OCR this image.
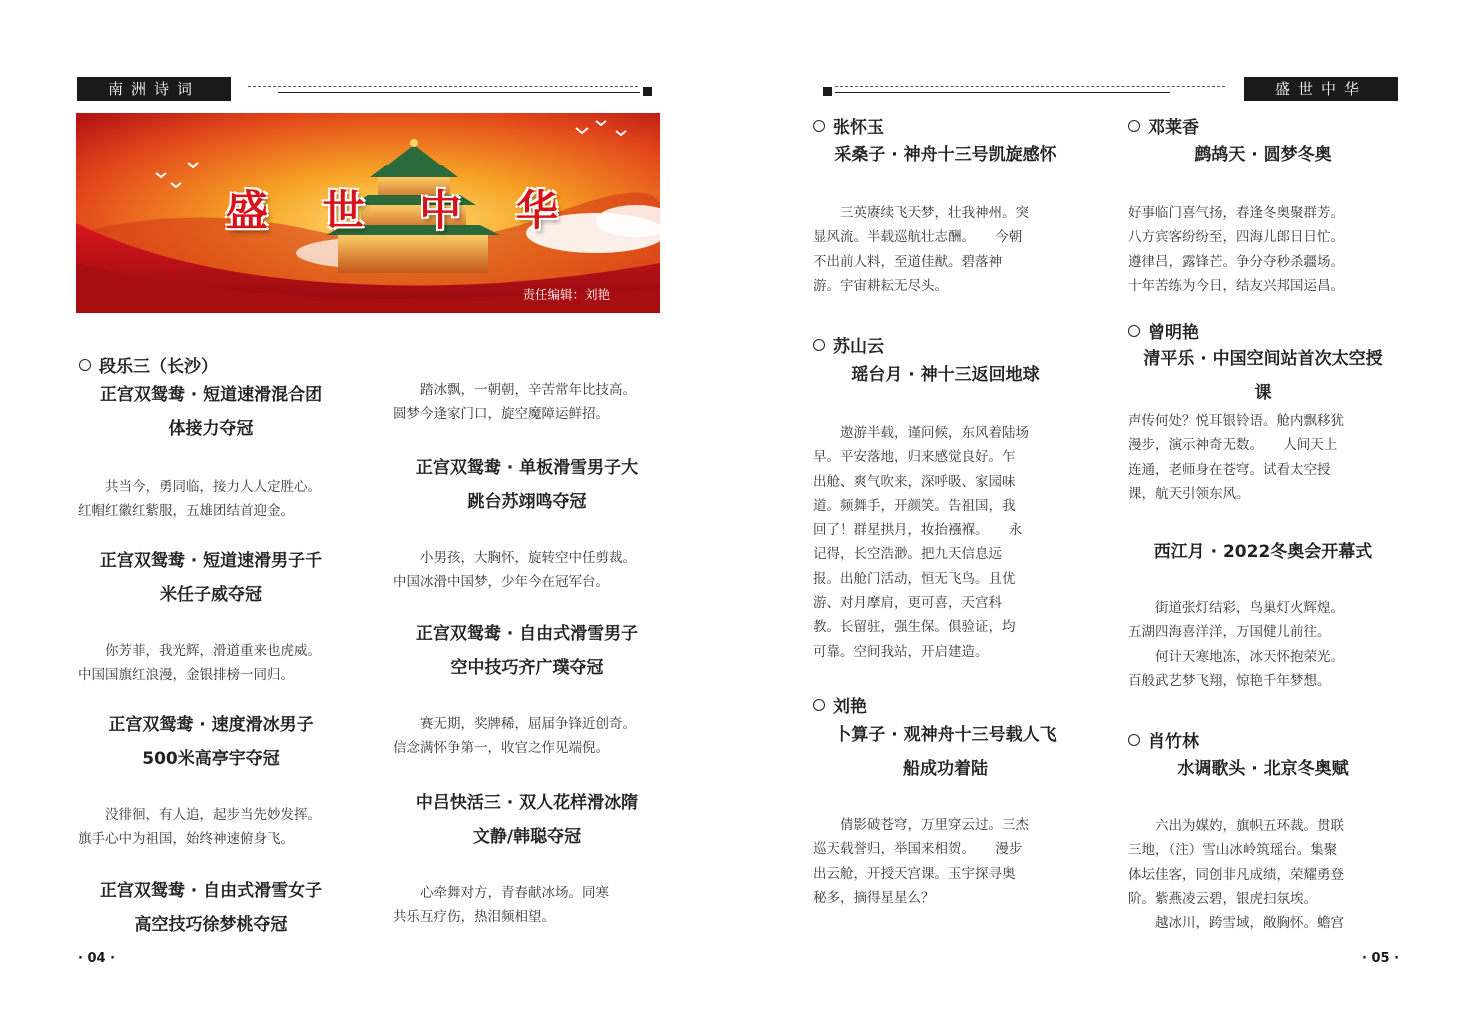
南洲诗词
盛 世 中 华
责任编辑：刘艳
段乐三（长沙）
正宫双鸳鸯 · 短道速滑混合团
体接力夺冠
　　共当今，勇同临，接力人人定胜心。
红帽红徽红紫服，五雄团结首迎金。
正宫双鸳鸯 · 短道速滑男子千
米任子威夺冠
　　你芳菲，我光辉，滑道重来也虎威。
中国国旗红浪漫，金银排榜一同归。
正宫双鸳鸯 · 速度滑冰男子
500米高亭宇夺冠
　　没徘徊，有人追，起步当先妙发挥。
旗手心中为祖国，始终神速俯身飞。
正宫双鸳鸯 · 自由式滑雪女子
高空技巧徐梦桃夺冠
　　踏冰飘，一朝朝，辛苦常年比技高。
圆梦今逢家门口，旋空魔障运鲜招。
正宫双鸳鸯 · 单板滑雪男子大
跳台苏翊鸣夺冠
　　小男孩，大胸怀，旋转空中任剪裁。
中国冰滑中国梦，少年今在冠军台。
正宫双鸳鸯 · 自由式滑雪男子
空中技巧齐广璞夺冠
　　赛无期，奖牌稀，屈届争锋近创奇。
信念满怀争第一，收官之作见端倪。
中吕快活三 · 双人花样滑冰隋
文静/韩聪夺冠
　　心牵舞对方，青春献冰场。同寒
共乐互疗伤，热泪频相望。
· 04 ·
盛世中华
张怀玉
采桑子 · 神舟十三号凯旋感怀
　　三英赓续飞天梦，壮我神州。突
显风流。半载巡航壮志酬。　　今朝
不出前人料，至道佳猷。碧落神
游。宇宙耕耘无尽头。
苏山云
瑶台月 · 神十三返回地球
　　遨游半载，谨问候，东风着陆场
早。平安落地，归来感觉良好。乍
出舱、爽气吹来，深呼吸、家园味
道。频舞手，开颜笑。告祖国，我
回了！群星拱月，妆抬襁褓。　　永
记得，长空浩渺。把九天信息远
报。出舱门活动，恒无飞鸟。且优
游、对月摩肩，更可喜，天宫科
教。长留驻，强生保。俱验证，均
可靠。空间我站，开启建造。
刘艳
卜算子 · 观神舟十三号载人飞
船成功着陆
　　倩影破苍穹，万里穿云过。三杰
巡天载誉归，举国来相贺。　　漫步
出云舱，开授天宫课。玉宇探寻奥
秘多，摘得星星么？
邓莱香
鹧鸪天 · 圆梦冬奥
好事临门喜气扬，春逢冬奥聚群芳。
八方宾客纷纷至，四海儿郎日日忙。
遵律吕，露锋芒。争分夺秒杀疆场。
十年苦练为今日，结友兴邦国运昌。
曾明艳
清平乐 · 中国空间站首次太空授
课
声传何处？悦耳银铃语。舱内飘移犹
漫步，演示神奇无数。　　人间天上
连通，老师身在苍穹。试看太空授
课，航天引领东风。
西江月 · 2022冬奥会开幕式
　　街道张灯结彩，鸟巢灯火辉煌。
五湖四海喜洋洋，万国健儿前往。
　　何计天寒地冻，冰天怀抱荣光。
百般武艺梦飞翔，惊艳千年梦想。
肖竹林
水调歌头 · 北京冬奥赋
　　六出为媒妁，旗帜五环裁。贯联
三地，（注）雪山冰岭筑瑶台。集聚
体坛佳客，同创非凡成绩，荣耀勇登
阶。紫燕凌云碧，银虎扫氛埃。
　　越冰川，跨雪域，敞胸怀。蟾宫
· 05 ·
